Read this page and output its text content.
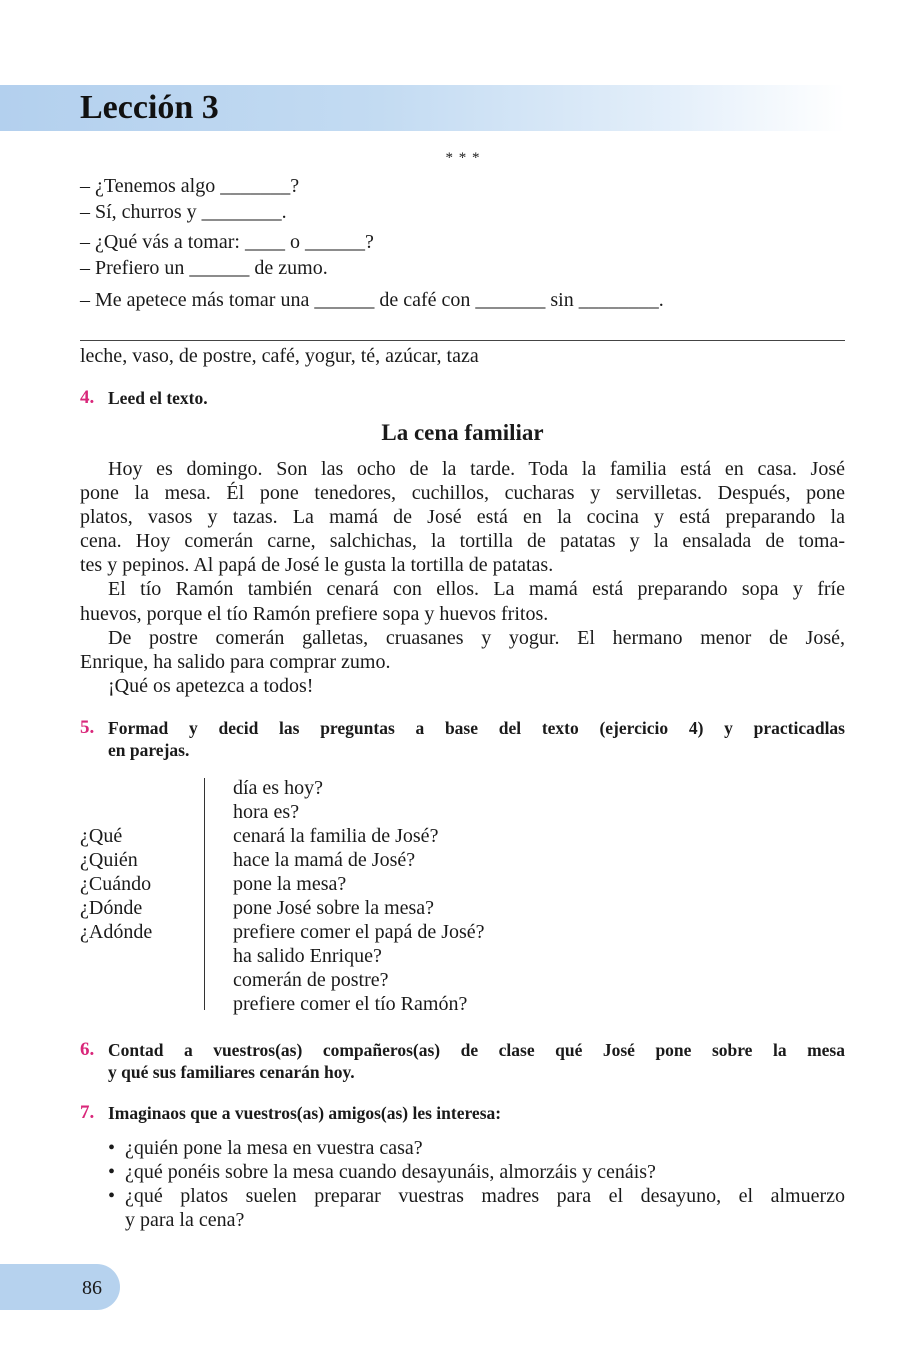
Lección 3
* * *
– ¿Tenemos algo _______?
– Sí, churros y ________.
– ¿Qué vás a tomar: ____ o ______?
– Prefiero un ______ de zumo.
– Me apetece más tomar una ______ de café con _______ sin ________.
leche, vaso, de postre, café, yogur, té, azúcar, taza
4. Leed el texto.
La cena familiar
Hoy es domingo. Son las ocho de la tarde. Toda la familia está en casa. José
pone la mesa. Él pone tenedores, cuchillos, cucharas y servilletas. Después, pone
platos, vasos y tazas. La mamá de José está en la cocina y está preparando la
cena. Hoy comerán carne, salchichas, la tortilla de patatas y la ensalada de toma-
tes y pepinos. Al papá de José le gusta la tortilla de patatas.
El tío Ramón también cenará con ellos. La mamá está preparando sopa y fríe
huevos, porque el tío Ramón prefiere sopa y huevos fritos.
De postre comerán galletas, cruasanes y yogur. El hermano menor de José,
Enrique, ha salido para comprar zumo.
¡Qué os apetezca a todos!
5. Formad y decid las preguntas a base del texto (ejercicio 4) y practicadlas
en parejas.
¿Qué
¿Quién
¿Cuándo
¿Dónde
¿Adónde
día es hoy?
hora es?
cenará la familia de José?
hace la mamá de José?
pone la mesa?
pone José sobre la mesa?
prefiere comer el papá de José?
ha salido Enrique?
comerán de postre?
prefiere comer el tío Ramón?
6. Contad a vuestros(as) compañeros(as) de clase qué José pone sobre la mesa
y qué sus familiares cenarán hoy.
7. Imaginaos que a vuestros(as) amigos(as) les interesa:
• ¿quién pone la mesa en vuestra casa?
• ¿qué ponéis sobre la mesa cuando desayunáis, almorzáis y cenáis?
• ¿qué platos suelen preparar vuestras madres para el desayuno, el almuerzo
y para la cena?
86
